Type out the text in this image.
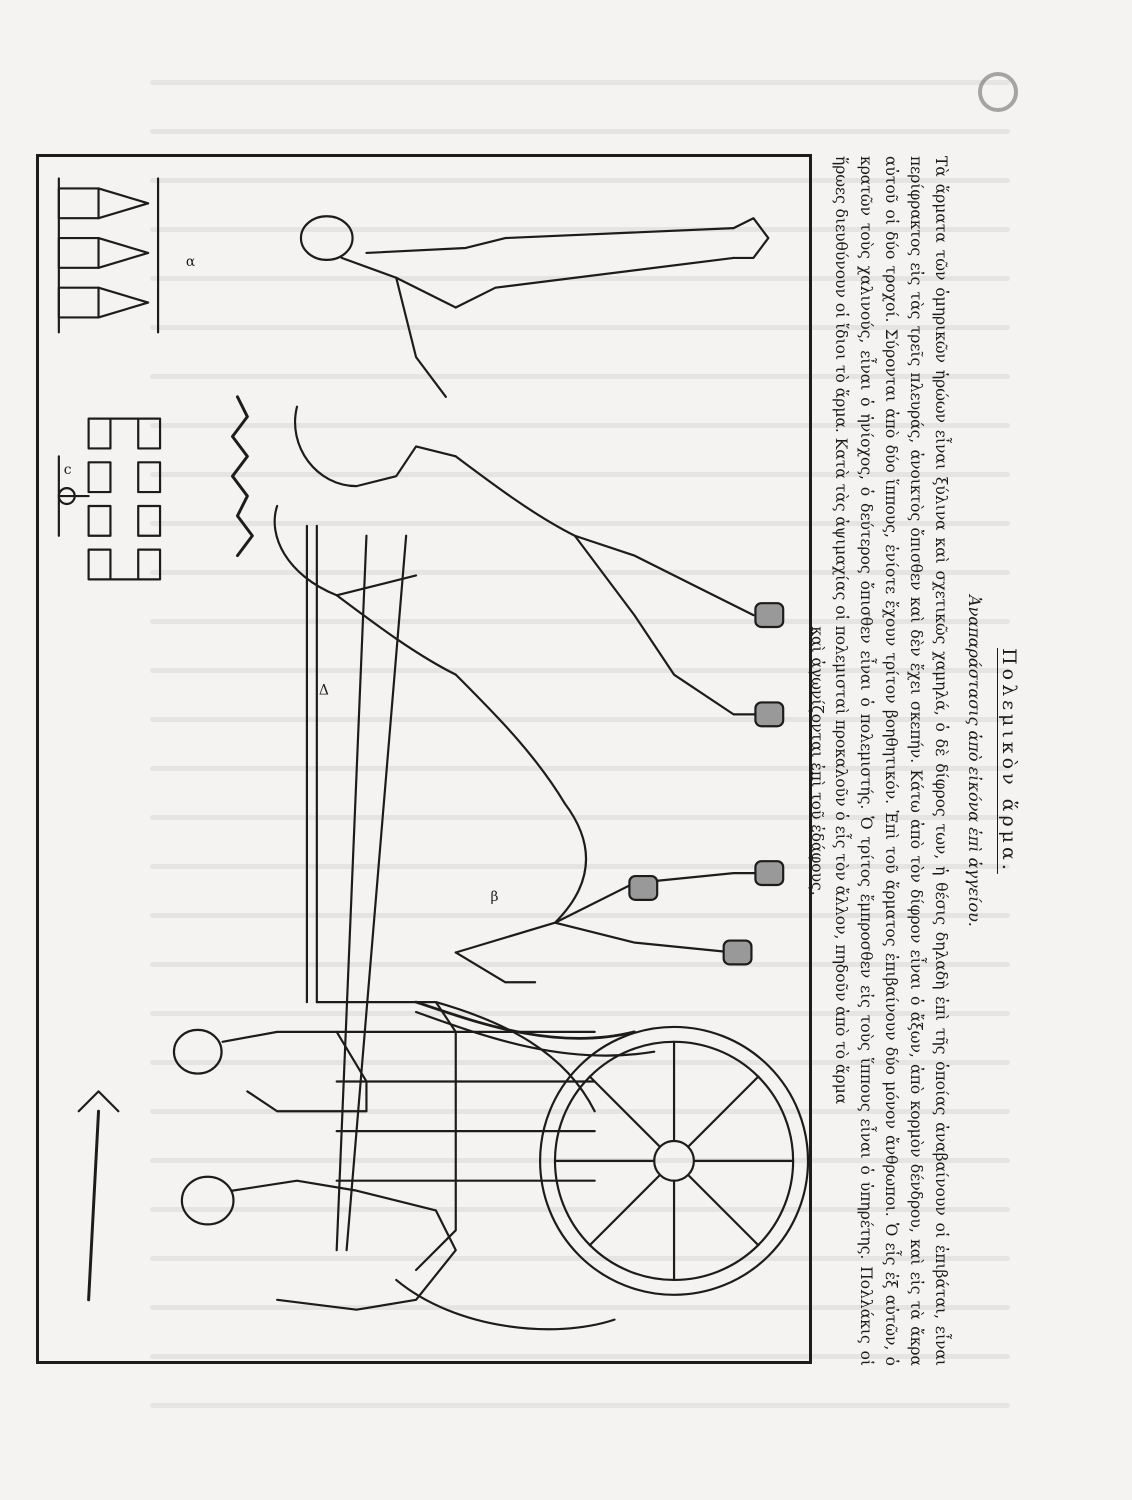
α
c
Δ
β
Πολεμικὸν ἅρμα.
Ἀναπαράστασις ἀπὸ εἰκόνα ἐπὶ ἀγγείου.
Τὰ ἅρματα τῶν ὁμηρικῶν ἡρώων εἶναι ξύλινα καὶ σχετικῶς χαμηλά, ὁ δὲ δίφρος των, ἡ θέσις δηλαδὴ ἐπὶ τῆς ὁποίας ἀναβαίνουν οἱ ἐπιβάται, εἶναι περίφρακτος εἰς τὰς τρεῖς πλευράς, ἀνοικτὸς ὄπισθεν καὶ δὲν ἔχει σκεπήν. Κάτω ἀπὸ τὸν δίφρον εἶναι ὁ ἄξων, ἀπὸ κορμὸν δένδρου, καὶ εἰς τὰ ἄκρα αὐτοῦ οἱ δύο τροχοί. Σύρονται ἀπὸ δύο ἵππους, ἐνίοτε ἔχουν τρίτον βοηθητικόν. Ἐπὶ τοῦ ἅρματος ἐπιβαίνουν δύο μόνον ἄνθρωποι. Ὁ εἷς ἐξ αὐτῶν, ὁ κρατῶν τοὺς χαλινούς, εἶναι ὁ ἡνίοχος, ὁ δεύτερος ὄπισθεν εἶναι ὁ πολεμιστής. Ὁ τρίτος ἔμπροσθεν εἰς τοὺς ἵππους εἶναι ὁ ὑπηρέτης. Πολλάκις οἱ ἥρωες διευθύνουν οἱ ἴδιοι τὸ ἅρμα. Κατὰ τὰς ἀψιμαχίας οἱ πολεμισταὶ προκαλοῦν ὁ εἷς τὸν ἄλλον, πηδοῦν ἀπὸ τὸ ἅρμα
καὶ ἀγωνίζονται ἐπὶ τοῦ ἐδάφους.
